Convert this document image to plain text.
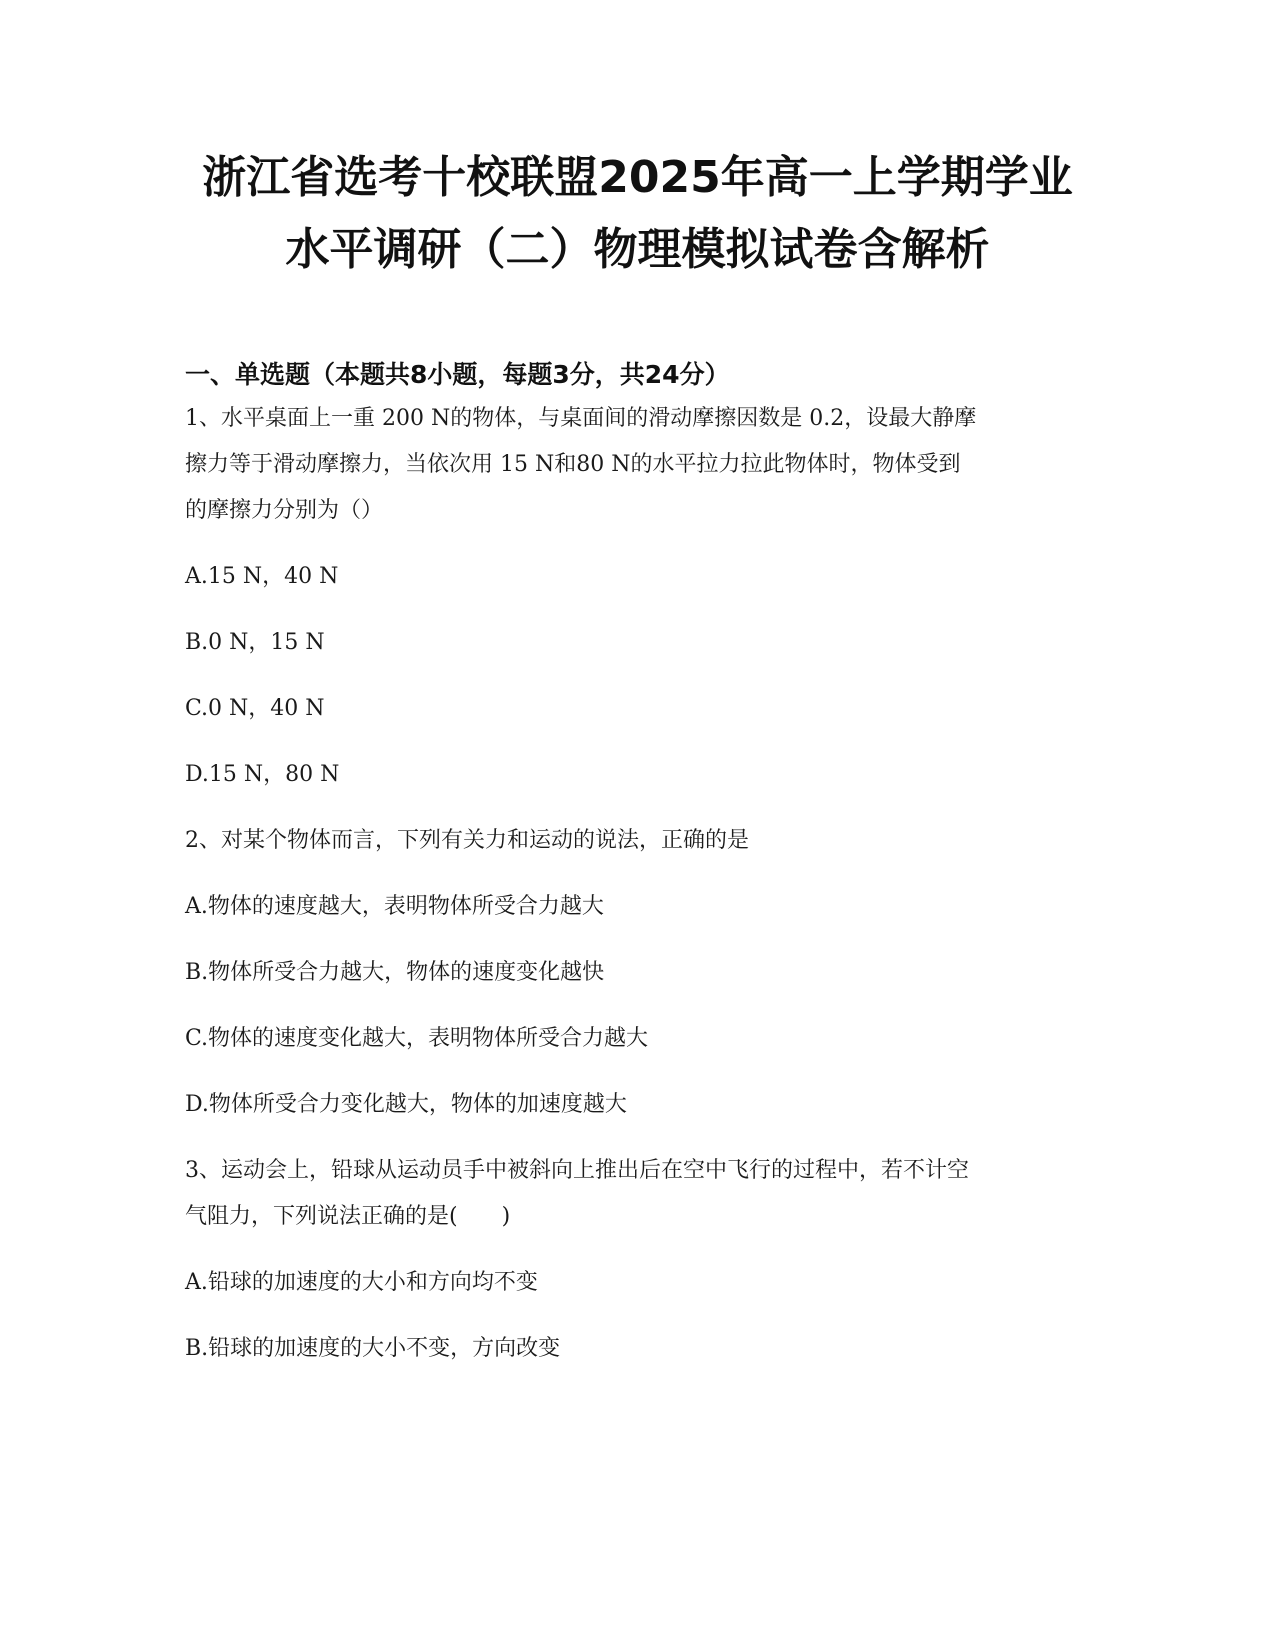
浙江省选考十校联盟2025年高一上学期学业
水平调研（二）物理模拟试卷含解析
一、单选题（本题共8小题，每题3分，共24分）
1、水平桌面上一重 200 N的物体，与桌面间的滑动摩擦因数是 0.2，设最大静摩
擦力等于滑动摩擦力，当依次用 15 N和80 N的水平拉力拉此物体时，物体受到
的摩擦力分别为（）
A.15 N，40 N
B.0 N，15 N
C.0 N，40 N
D.15 N，80 N
2、对某个物体而言，下列有关力和运动的说法，正确的是
A.物体的速度越大，表明物体所受合力越大
B.物体所受合力越大，物体的速度变化越快
C.物体的速度变化越大，表明物体所受合力越大
D.物体所受合力变化越大，物体的加速度越大
3、运动会上，铅球从运动员手中被斜向上推出后在空中飞行的过程中，若不计空
气阻力，下列说法正确的是(　　)
A.铅球的加速度的大小和方向均不变
B.铅球的加速度的大小不变，方向改变
